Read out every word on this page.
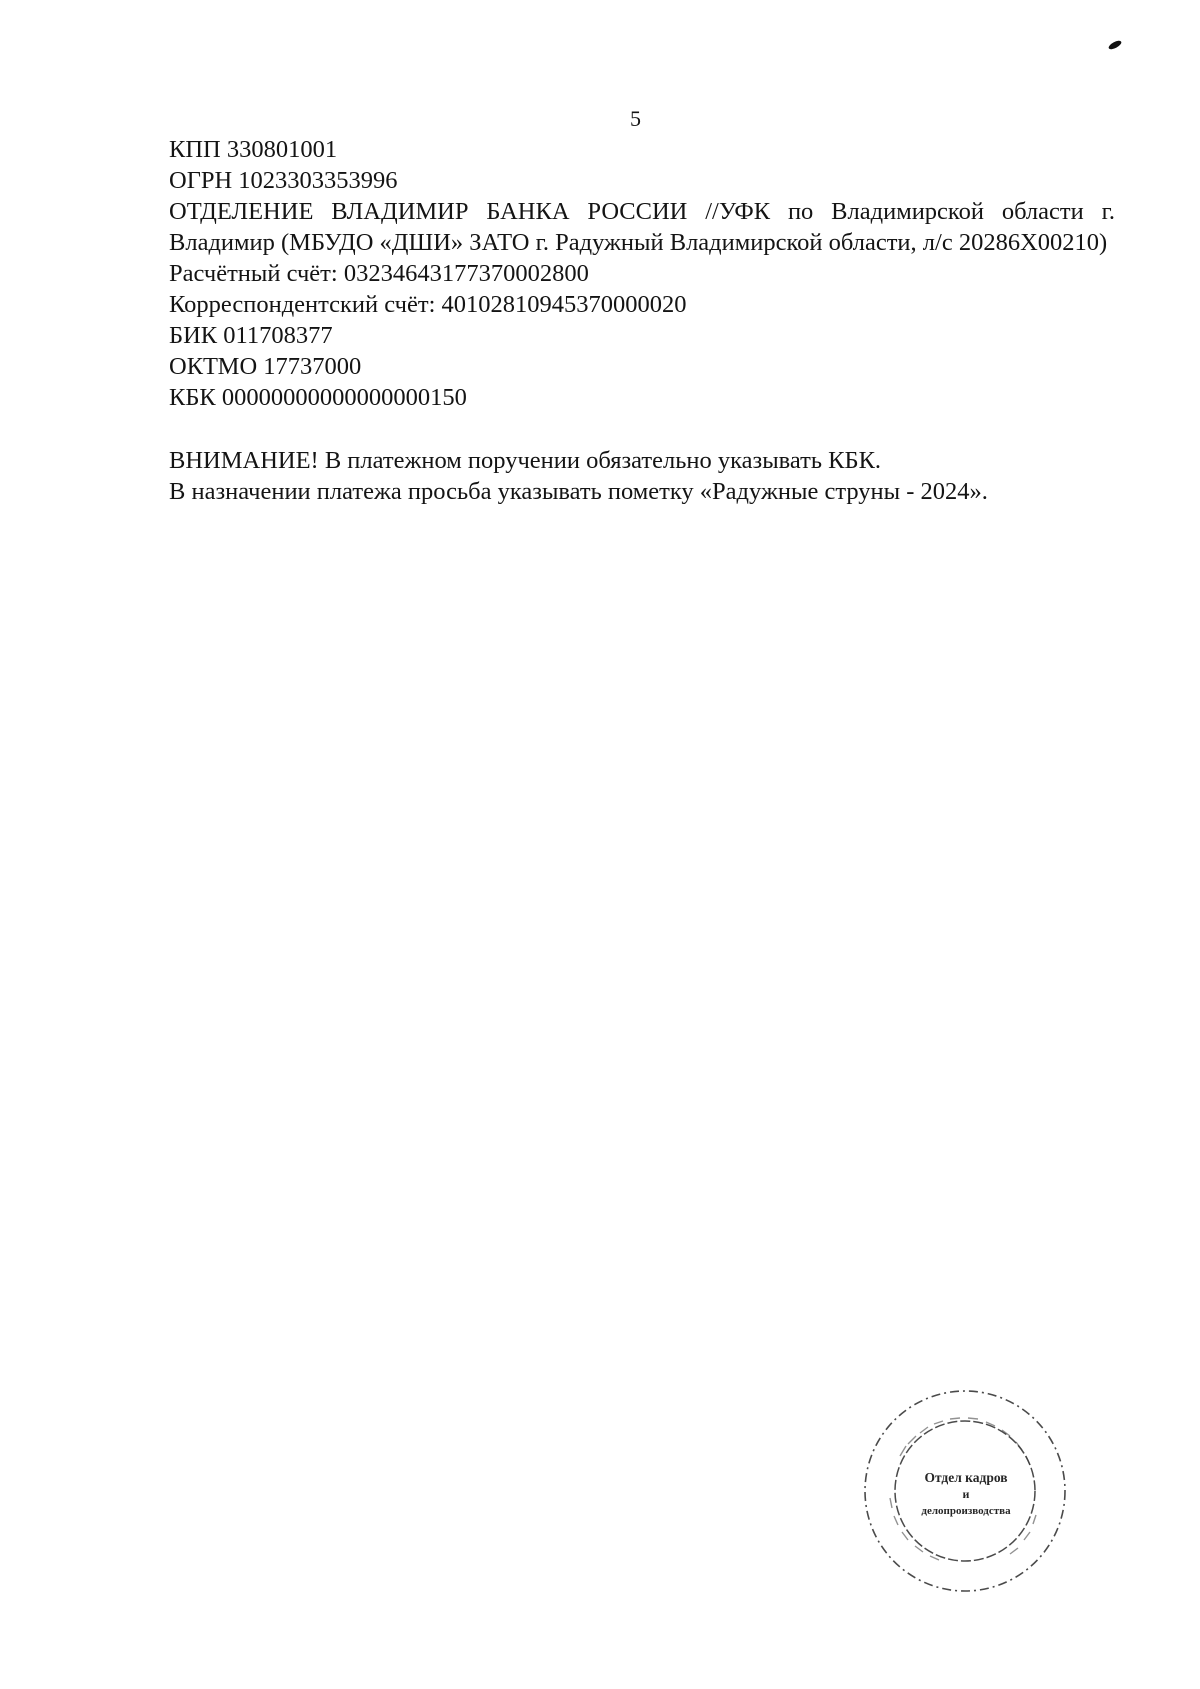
5

КПП 330801001

ОГРН 1023303353996

ОТДЕЛЕНИЕ ВЛАДИМИР БАНКА РОССИИ //УФК по Владимирской области г. Владимир (МБУДО «ДШИ» ЗАТО г. Радужный Владимирской области, л/с 20286Х00210)

Расчётный счёт: 03234643177370002800

Корреспондентский счёт: 40102810945370000020

БИК 011708377

ОКТМО 17737000

КБК 00000000000000000150

ВНИМАНИЕ! В платежном поручении обязательно указывать КБК.

В назначении платежа просьба указывать пометку «Радужные струны - 2024».

Отдел кадров
и
делопроизводства
